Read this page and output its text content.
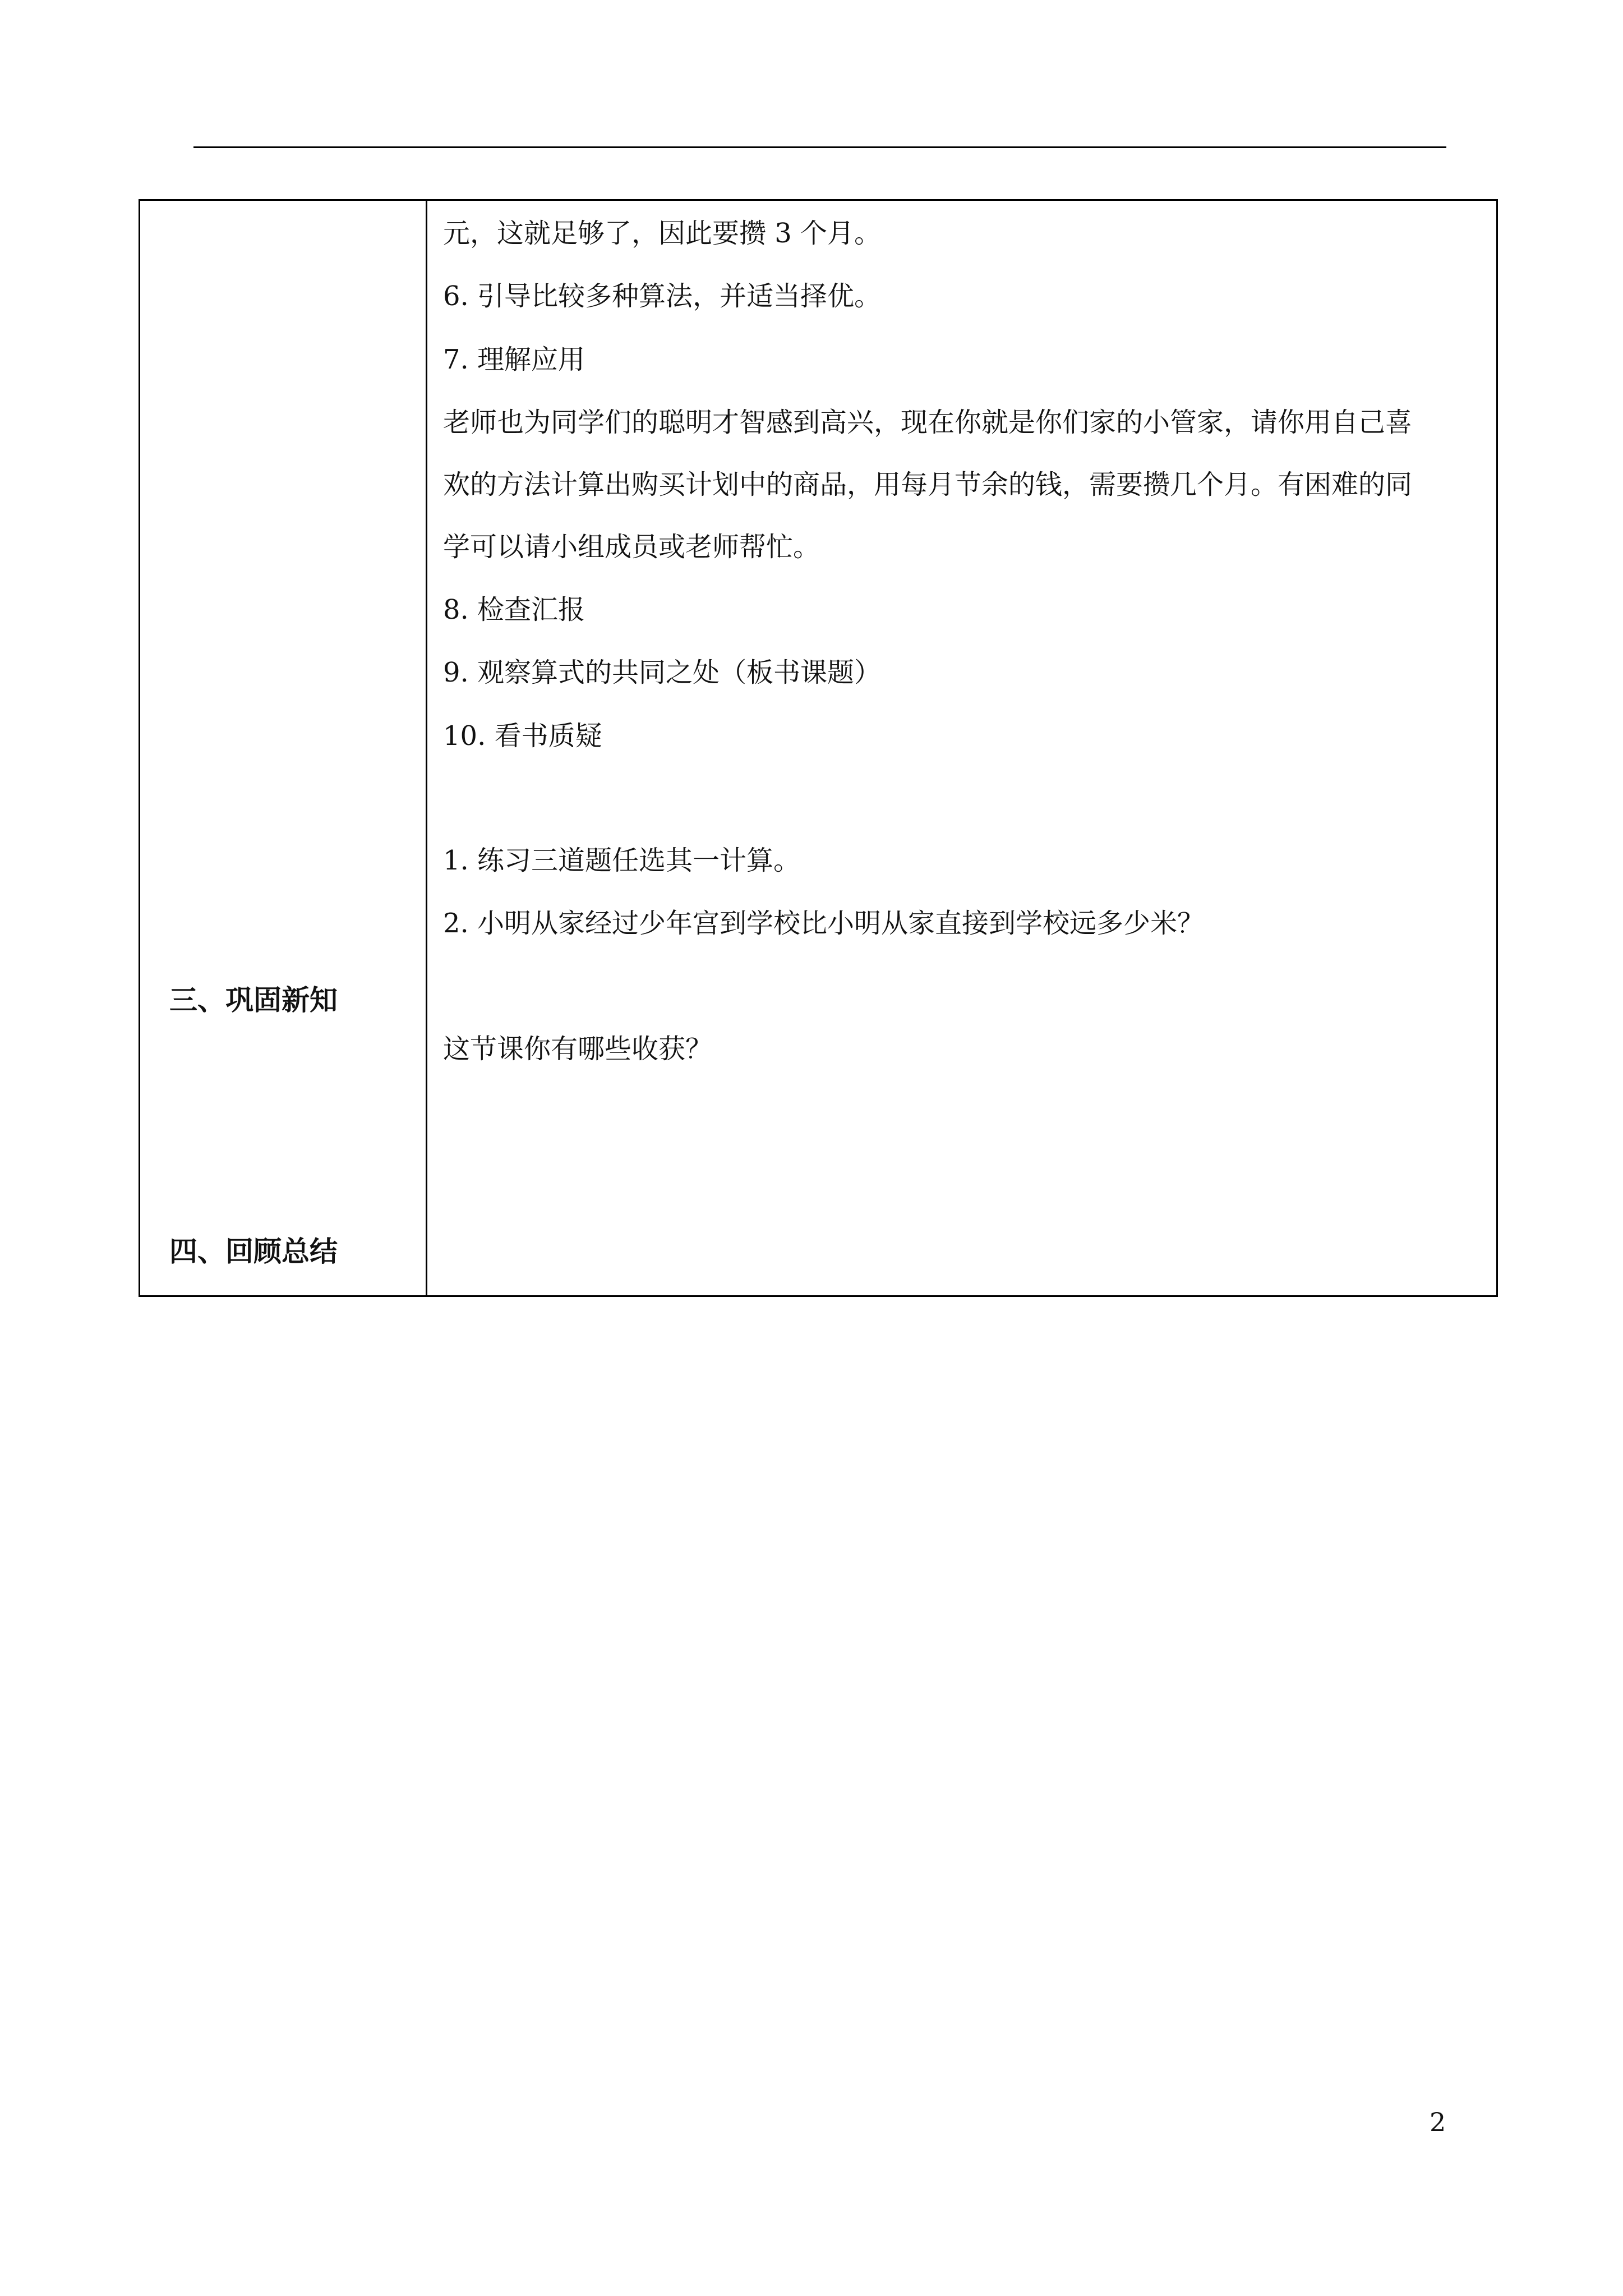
三、巩固新知
四、回顾总结
元，这就足够了，因此要攒 3 个月。
6. 引导比较多种算法，并适当择优。
7. 理解应用
老师也为同学们的聪明才智感到高兴，现在你就是你们家的小管家，请你用自己喜
欢的方法计算出购买计划中的商品，用每月节余的钱，需要攒几个月。有困难的同
学可以请小组成员或老师帮忙。
8. 检查汇报
9. 观察算式的共同之处（板书课题）
10. 看书质疑
1. 练习三道题任选其一计算。
2. 小明从家经过少年宫到学校比小明从家直接到学校远多少米？
这节课你有哪些收获？
2
